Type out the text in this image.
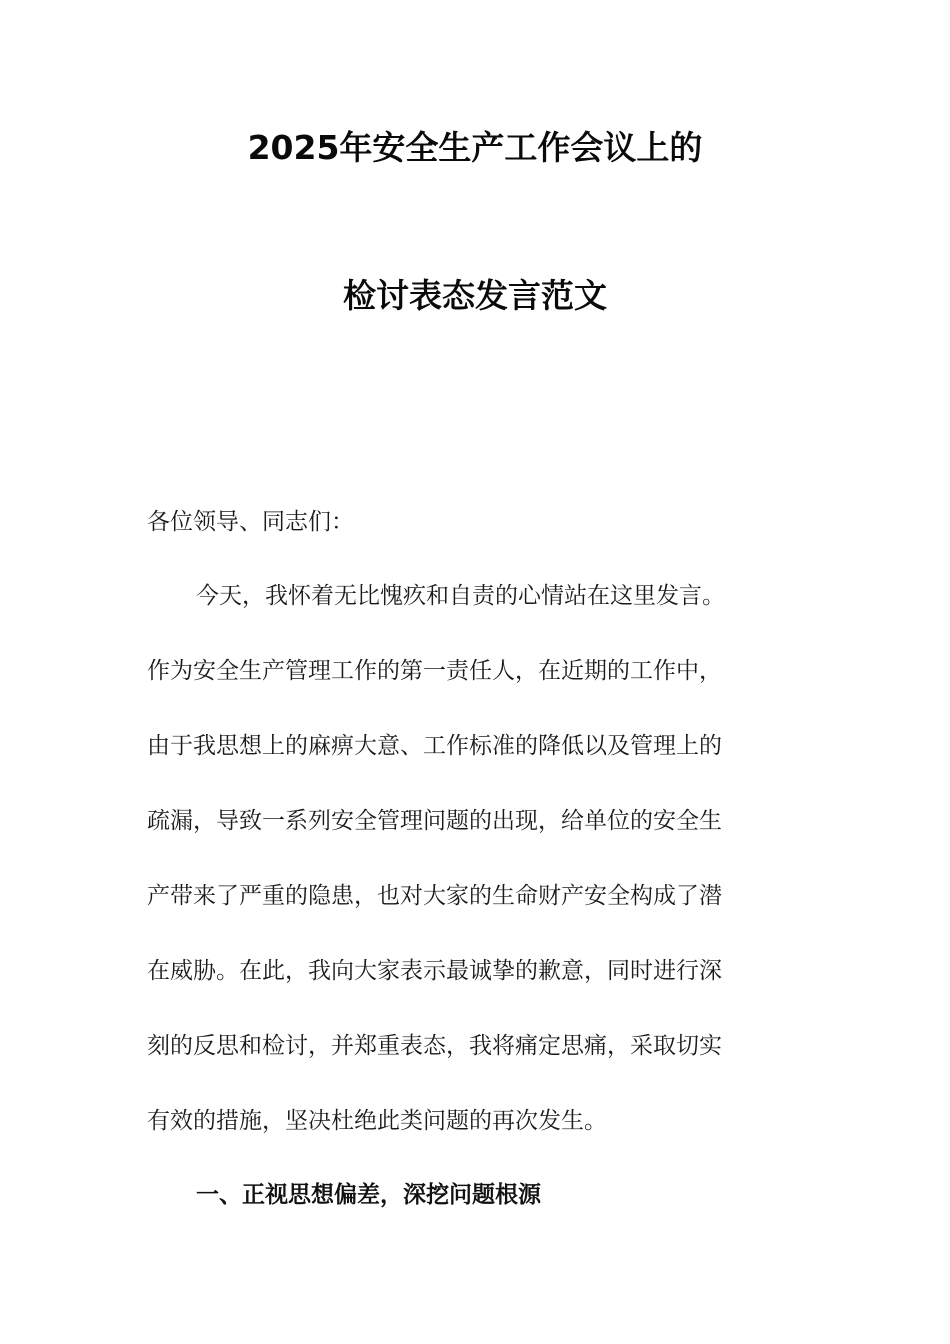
2025年安全生产工作会议上的
检讨表态发言范文
各位领导、同志们：
今天，我怀着无比愧疚和自责的心情站在这里发言。
作为安全生产管理工作的第一责任人，在近期的工作中，
由于我思想上的麻痹大意、工作标准的降低以及管理上的
疏漏，导致一系列安全管理问题的出现，给单位的安全生
产带来了严重的隐患，也对大家的生命财产安全构成了潜
在威胁。在此，我向大家表示最诚挚的歉意，同时进行深
刻的反思和检讨，并郑重表态，我将痛定思痛，采取切实
有效的措施，坚决杜绝此类问题的再次发生。
一、正视思想偏差，深挖问题根源
